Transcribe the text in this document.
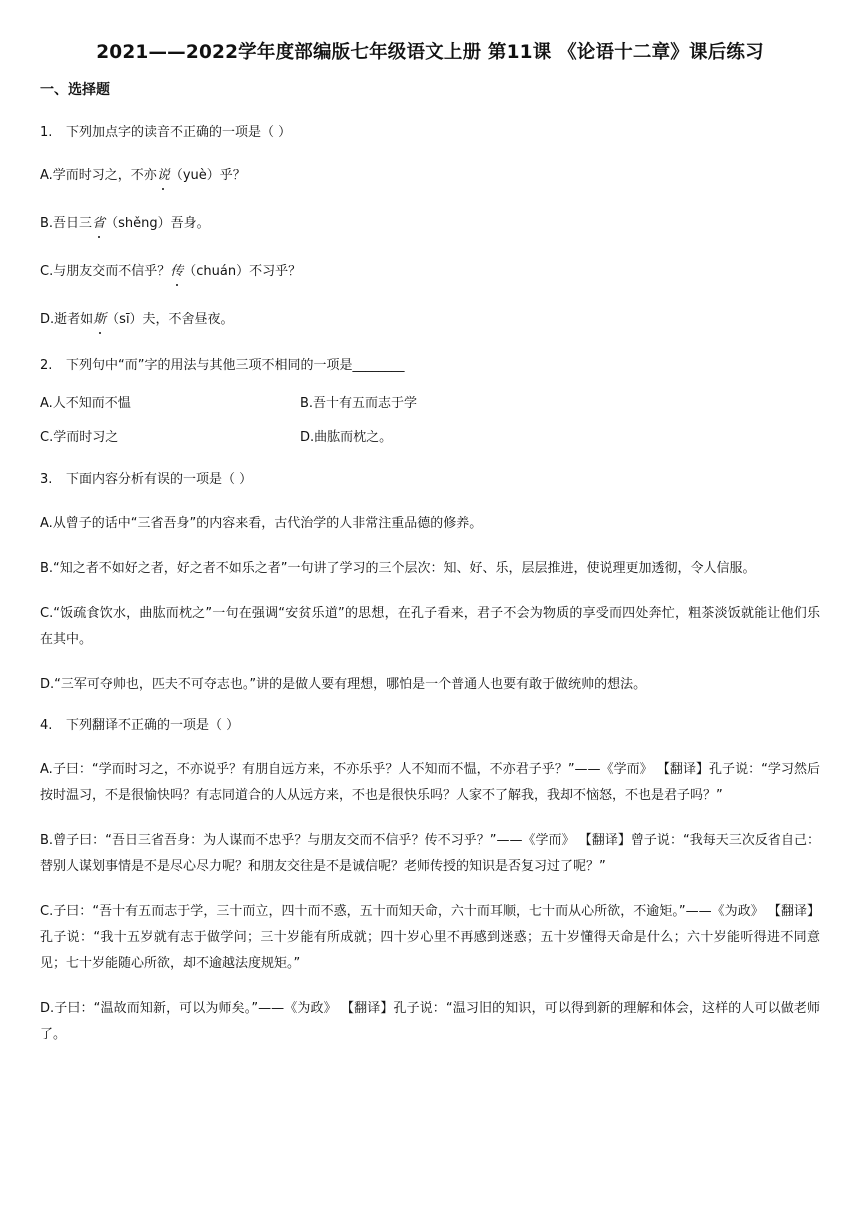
2021——2022学年度部编版七年级语文上册 第11课 《论语十二章》课后练习
一、选择题

1. 下列加点字的读音不正确的一项是（ ）

A.学而时习之，不亦说（yuè）乎？

B.吾日三省（shěng）吾身。

C.与朋友交而不信乎？传（chuán）不习乎？

D.逝者如斯（sī）夫，不舍昼夜。

2. 下列句中“而”字的用法与其他三项不相同的一项是________

A.人不知而不愠	B.吾十有五而志于学
C.学而时习之	D.曲肱而枕之。

3. 下面内容分析有误的一项是（ ）

A.从曾子的话中“三省吾身”的内容来看，古代治学的人非常注重品德的修养。

B.“知之者不如好之者，好之者不如乐之者”一句讲了学习的三个层次：知、好、乐，层层推进，使说理更加透彻，令人信服。

C.“饭疏食饮水，曲肱而枕之”一句在强调“安贫乐道”的思想，在孔子看来，君子不会为物质的享受而四处奔忙，粗茶淡饭就能让他们乐在其中。

D.“三军可夺帅也，匹夫不可夺志也。”讲的是做人要有理想，哪怕是一个普通人也要有敢于做统帅的想法。

4. 下列翻译不正确的一项是（ ）

A.子曰：“学而时习之，不亦说乎？有朋自远方来，不亦乐乎？人不知而不愠，不亦君子乎？”——《学而》 【翻译】孔子说：“学习然后按时温习，不是很愉快吗？有志同道合的人从远方来，不也是很快乐吗？人家不了解我，我却不恼怒，不也是君子吗？”

B.曾子曰：“吾日三省吾身：为人谋而不忠乎？与朋友交而不信乎？传不习乎？”——《学而》 【翻译】曾子说：“我每天三次反省自己：替别人谋划事情是不是尽心尽力呢？和朋友交往是不是诚信呢？老师传授的知识是否复习过了呢？”

C.子曰：“吾十有五而志于学，三十而立，四十而不惑，五十而知天命，六十而耳顺，七十而从心所欲，不逾矩。”——《为政》 【翻译】孔子说：“我十五岁就有志于做学问；三十岁能有所成就；四十岁心里不再感到迷惑；五十岁懂得天命是什么；六十岁能听得进不同意见；七十岁能随心所欲，却不逾越法度规矩。”

D.子曰：“温故而知新，可以为师矣。”——《为政》 【翻译】孔子说：“温习旧的知识，可以得到新的理解和体会，这样的人可以做老师了。
